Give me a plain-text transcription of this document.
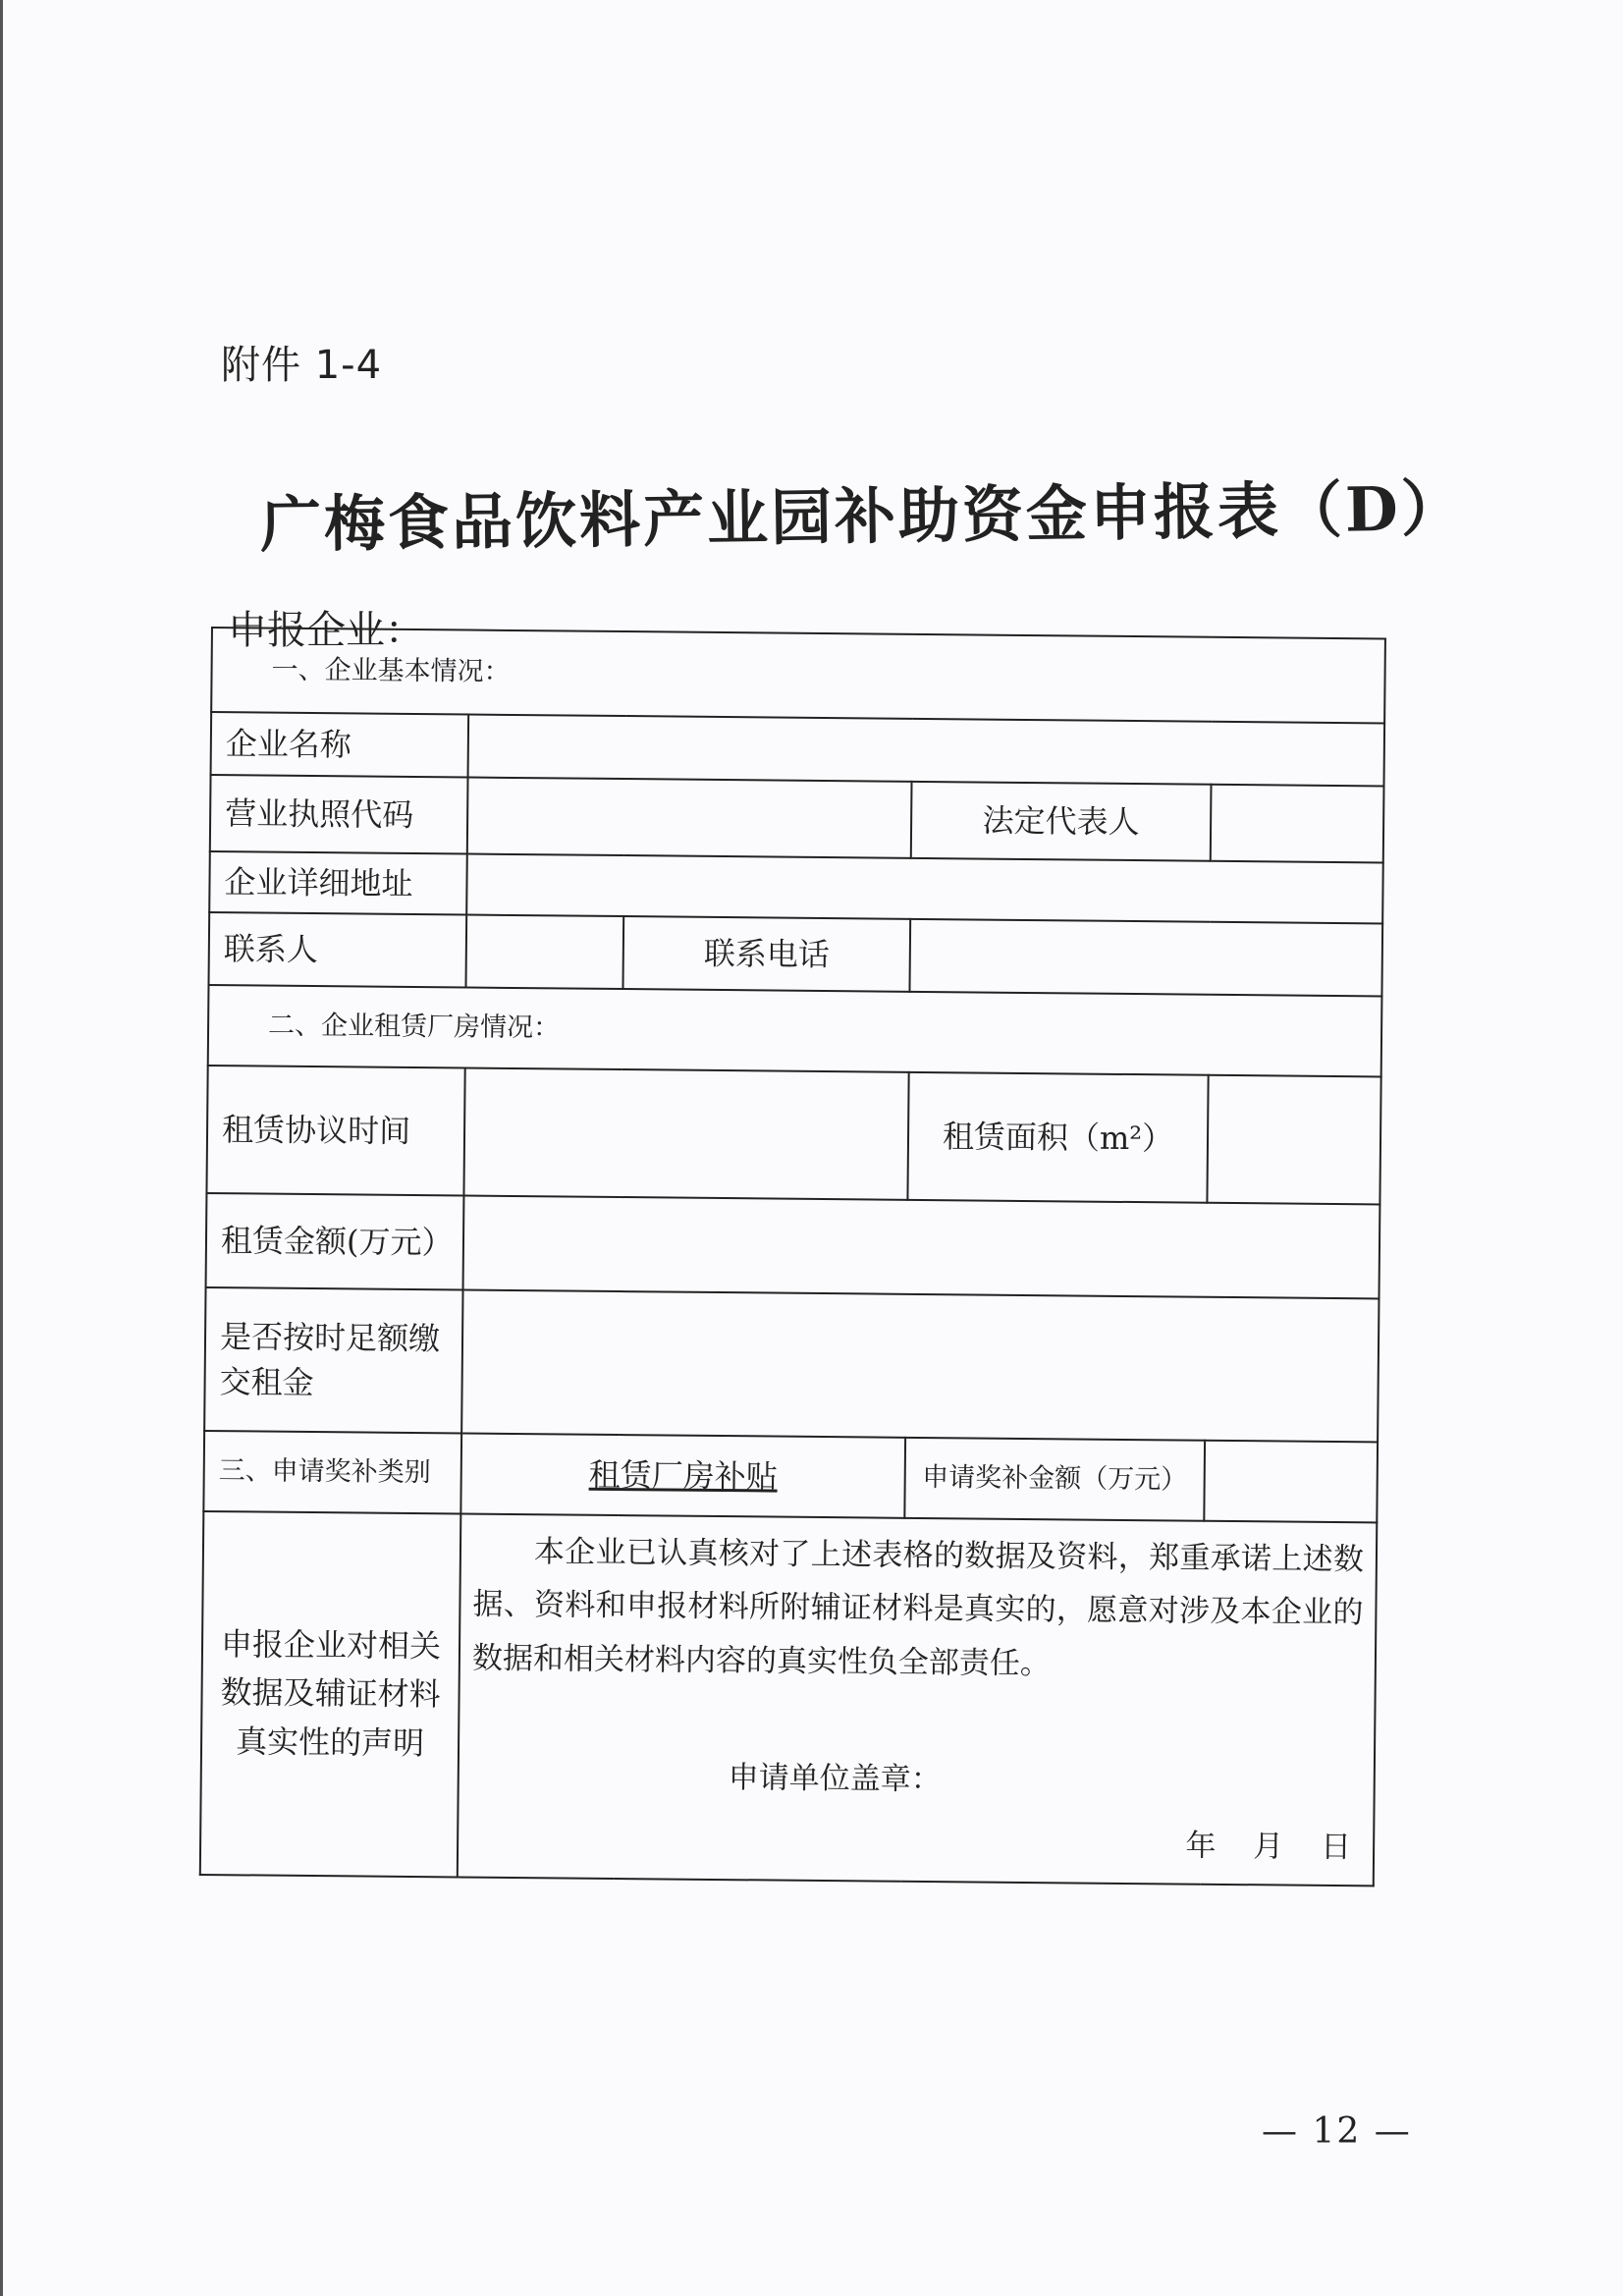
附件 1-4
广梅食品饮料产业园补助资金申报表（D）
申报企业：
一、企业基本情况：				
企业名称				
营业执照代码			法定代表人	
企业详细地址				
联系人		联系电话		
二、企业租赁厂房情况：				
租赁协议时间			租赁面积（m²）	
租赁金额(万元）				
是否按时足额缴交租金				
三、申请奖补类别	租赁厂房补贴		申请奖补金额（万元）	
申报企业对相关数据及辅证材料真实性的声明	本企业已认真核对了上述表格的数据及资料，郑重承诺上述数据、资料和申报材料所附辅证材料是真实的，愿意对涉及本企业的数据和相关材料内容的真实性负全部责任。
申请单位盖章：
年 月 日			
— 12 —
